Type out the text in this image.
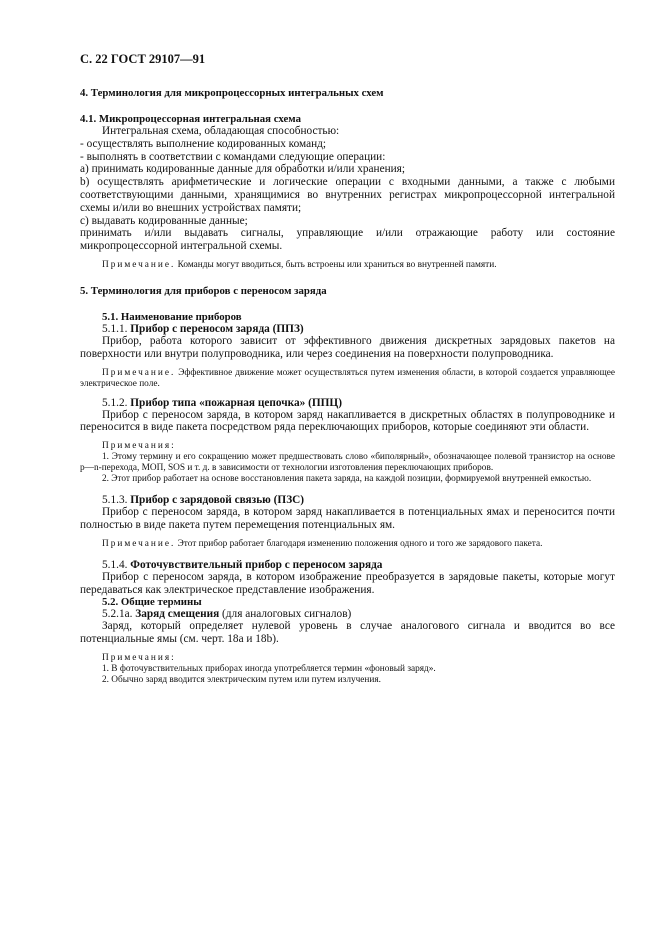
С. 22 ГОСТ 29107—91
4. Терминология для микропроцессорных интегральных схем
4.1. Микропроцессорная интегральная схема

Интегральная схема, обладающая способностью:

- осуществлять выполнение кодированных команд;

- выполнять в соответствии с командами следующие операции:

а) принимать кодированные данные для обработки и/или хранения;

b) осуществлять арифметические и логические операции с входными данными, а также с любыми соответствующими данными, хранящимися во внутренних регистрах микропроцессорной интегральной схемы и/или во внешних устройствах памяти;

с) выдавать кодированные данные;

принимать и/или выдавать сигналы, управляющие и/или отражающие работу или состояние микропроцессорной интегральной схемы.

Примечание. Команды могут вводиться, быть встроены или храниться во внутренней памяти.

5. Терминология для приборов с переносом заряда
5.1. Наименование приборов
5.1.1. Прибор с переносом заряда (ППЗ)

Прибор, работа которого зависит от эффективного движения дискретных зарядовых пакетов на поверхности или внутри полупроводника, или через соединения на поверхности полупроводника.

Примечание. Эффективное движение может осуществляться путем изменения области, в которой создается управляющее электрическое поле.

5.1.2. Прибор типа «пожарная цепочка» (ППЦ)

Прибор с переносом заряда, в котором заряд накапливается в дискретных областях в полупроводнике и переносится в виде пакета посредством ряда переключающих приборов, которые соединяют эти области.

Примечания:

1. Этому термину и его сокращению может предшествовать слово «биполярный», обозначающее полевой транзистор на основе p—n-перехода, МОП, SOS и т. д. в зависимости от технологии изготовления переключающих приборов.

2. Этот прибор работает на основе восстановления пакета заряда, на каждой позиции, формируемой внутренней емкостью.

5.1.3. Прибор с зарядовой связью (ПЗС)

Прибор с переносом заряда, в котором заряд накапливается в потенциальных ямах и переносится почти полностью в виде пакета путем перемещения потенциальных ям.

Примечание. Этот прибор работает благодаря изменению положения одного и того же зарядового пакета.

5.1.4. Фоточувствительный прибор с переносом заряда

Прибор с переносом заряда, в котором изображение преобразуется в зарядовые пакеты, которые могут передаваться как электрическое представление изображения.

5.2. Общие термины
5.2.1а. Заряд смещения (для аналоговых сигналов)

Заряд, который определяет нулевой уровень в случае аналогового сигнала и вводится во все потенциальные ямы (см. черт. 18а и 18b).

Примечания:

1. В фоточувствительных приборах иногда употребляется термин «фоновый заряд».

2. Обычно заряд вводится электрическим путем или путем излучения.
